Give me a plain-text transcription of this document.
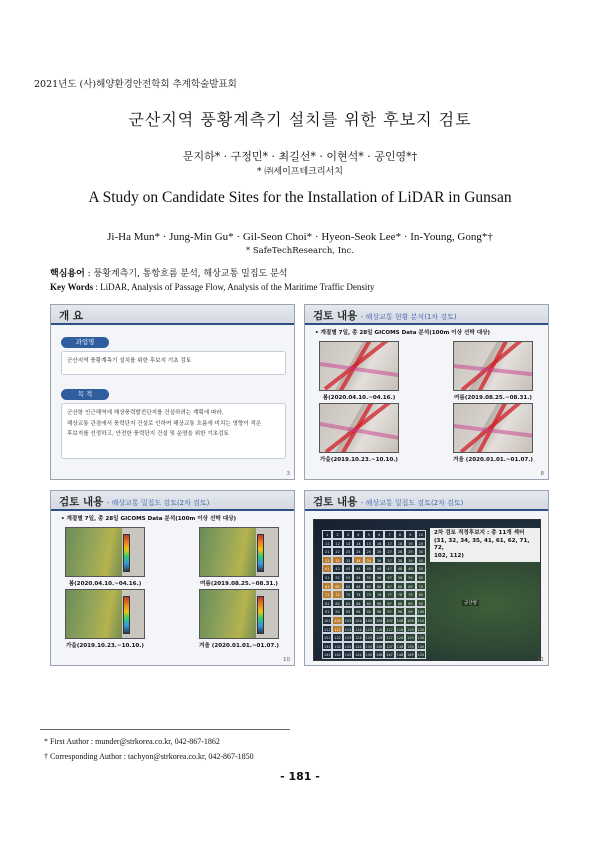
2021년도 (사)해양환경안전학회 추계학술발표회
군산지역 풍황계측기 설치를 위한 후보지 검토
문지하* · 구정민* · 최길선* · 이현석* · 공인영*†
* ㈜세이프테크리서치
A Study on Candidate Sites for the Installation of LiDAR in Gunsan
Ji-Ha Mun* · Jung-Min Gu* · Gil-Seon Choi* · Hyeon-Seok Lee* · In-Young, Gong*†
* SafeTechResearch, Inc.
핵심용어 : 풍황계측기, 통항흐름 분석, 해상교통 밀집도 분석
Key Words : LiDAR, Analysis of Passage Flow, Analysis of the Maritime Traffic Density
개 요
과업명
군산지역 풍황계측기 설치를 위한 후보지 기초 검토
목 적
군산항 인근해역에 해상풍력발전단지를 건설하려는 계획에 따라,
해상교통 관점에서 풍력단지 건설로 인하여 해상교통 흐름에 미치는 영향이 적은
후보지를 선정하고, 안전한 풍력단지 건설 및 운영을 위한 기초검토
3
검토 내용 - 해상교통 현황 분석(1차 검토)
• 계절별 7일, 총 28일 GICOMS Data 분석(100m 이상 선박 대상)
봄(2020.04.10.~04.16.)	여름(2019.08.25.~08.31.)
가을(2019.10.23.~10.10.)	겨울 (2020.01.01.~01.07.)
8
검토 내용 - 해상교통 밀집도 검토(2차 검토)
• 계절별 7일, 총 28일 GICOMS Data 분석(100m 이상 선박 대상)
봄(2020.04.10.~04.16.)	여름(2019.08.25.~08.31.)
가을(2019.10.23.~10.10.)	겨울 (2020.01.01.~01.07.)
10
검토 내용 - 해상교통 밀집도 검토(2차 검토)
1	2	3	4	5	6	7	8	9	10
11	12	13	14	15	16	17	18	19	20
21	22	23	24	25	26	27	28	29	30
31	32	33	34	35	36	37	38	39	40
41	42	43	44	45	46	47	48	49	50
51	52	53	54	55	56	57	58	59	60
61	62	63	64	65	66	67	68	69	70
71	72	73	74	75	76	77	78	79	80
81	82	83	84	85	86	87	88	89	90
91	92	93	94	95	96	97	98	99	100
101	102	103	104	105	106	107	108	109	110
111	112	113	114	115	116	117	118	119	120
121	122	123	124	125	126	127	128	129	130
131	132	133	134	135	136	137	138	139	140
141	142	143	144	145	146	147	148	149	150
2차 검토 적정후보지 : 총 11개 섹터
(31, 32, 34, 35, 41, 61, 62, 71, 72,
102, 112)
군산항
11
* First Author : munder@strkorea.co.kr, 042-867-1862
† Corresponding Author : tachyon@strkorea.co.kr, 042-867-1850
- 181 -
